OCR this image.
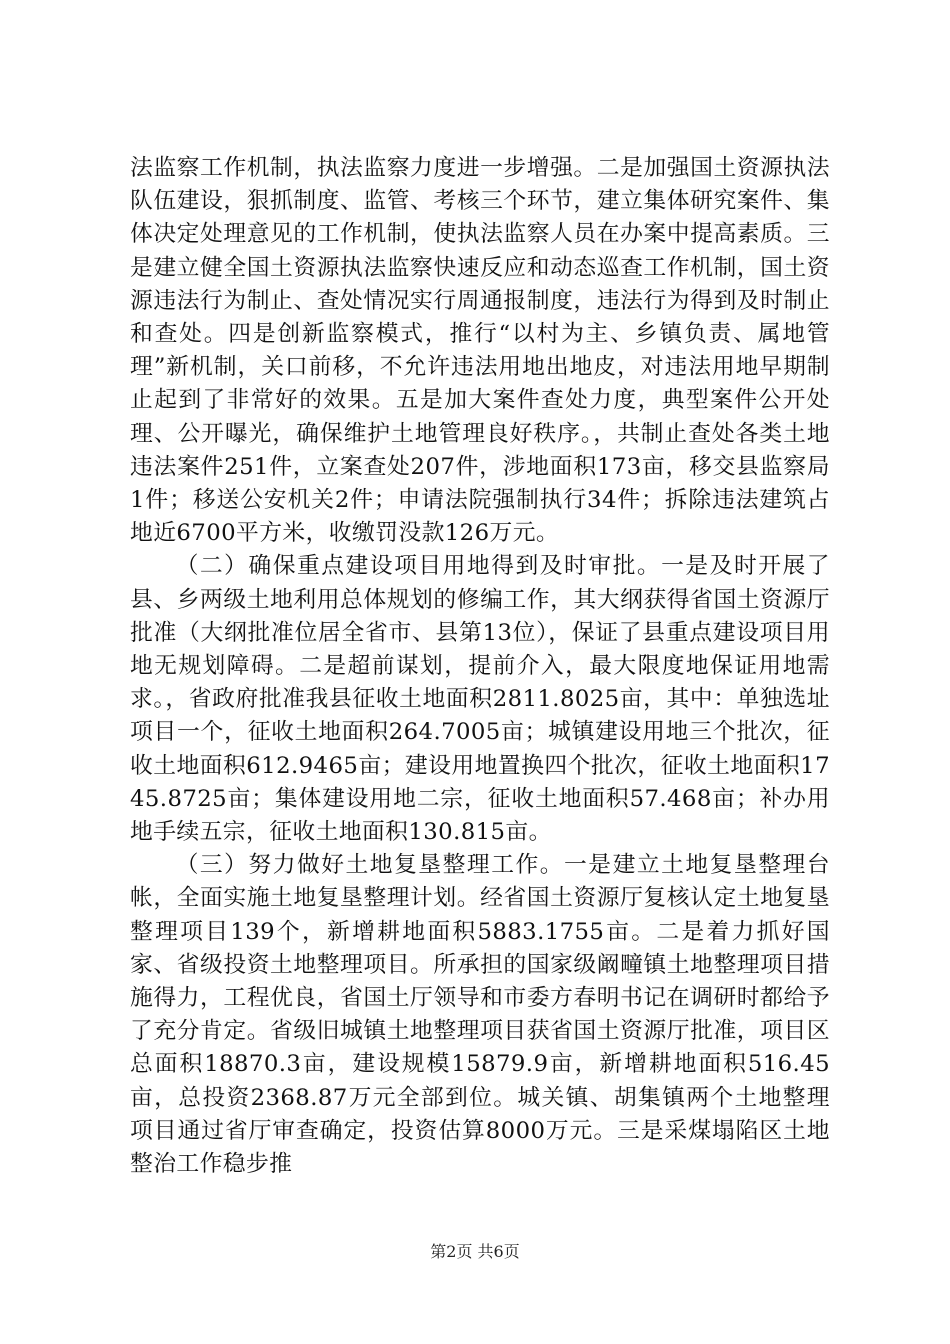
法监察工作机制，执法监察力度进一步增强。二是加强国土资源执法队伍建设，狠抓制度、监管、考核三个环节，建立集体研究案件、集体决定处理意见的工作机制，使执法监察人员在办案中提高素质。三是建立健全国土资源执法监察快速反应和动态巡查工作机制，国土资源违法行为制止、查处情况实行周通报制度，违法行为得到及时制止和查处。四是创新监察模式，推行“以村为主、乡镇负责、属地管理”新机制，关口前移，不允许违法用地出地皮，对违法用地早期制止起到了非常好的效果。五是加大案件查处力度，典型案件公开处理、公开曝光，确保维护土地管理良好秩序。，共制止查处各类土地违法案件251件，立案查处207件，涉地面积173亩，移交县监察局1件；移送公安机关2件；申请法院强制执行34件；拆除违法建筑占地近6700平方米，收缴罚没款126万元。

（二）确保重点建设项目用地得到及时审批。一是及时开展了县、乡两级土地利用总体规划的修编工作，其大纲获得省国土资源厅批准（大纲批准位居全省市、县第13位），保证了县重点建设项目用地无规划障碍。二是超前谋划，提前介入，最大限度地保证用地需求。，省政府批准我县征收土地面积2811.8025亩，其中：单独选址项目一个，征收土地面积264.7005亩；城镇建设用地三个批次，征收土地面积612.9465亩；建设用地置换四个批次，征收土地面积1745.8725亩；集体建设用地二宗，征收土地面积57.468亩；补办用地手续五宗，征收土地面积130.815亩。

（三）努力做好土地复垦整理工作。一是建立土地复垦整理台帐，全面实施土地复垦整理计划。经省国土资源厅复核认定土地复垦整理项目139个，新增耕地面积5883.1755亩。二是着力抓好国家、省级投资土地整理项目。所承担的国家级阚疃镇土地整理项目措施得力，工程优良，省国土厅领导和市委方春明书记在调研时都给予了充分肯定。省级旧城镇土地整理项目获省国土资源厅批准，项目区总面积18870.3亩，建设规模15879.9亩，新增耕地面积516.45亩，总投资2368.87万元全部到位。城关镇、胡集镇两个土地整理项目通过省厅审查确定，投资估算8000万元。三是采煤塌陷区土地整治工作稳步推

第2页 共6页
